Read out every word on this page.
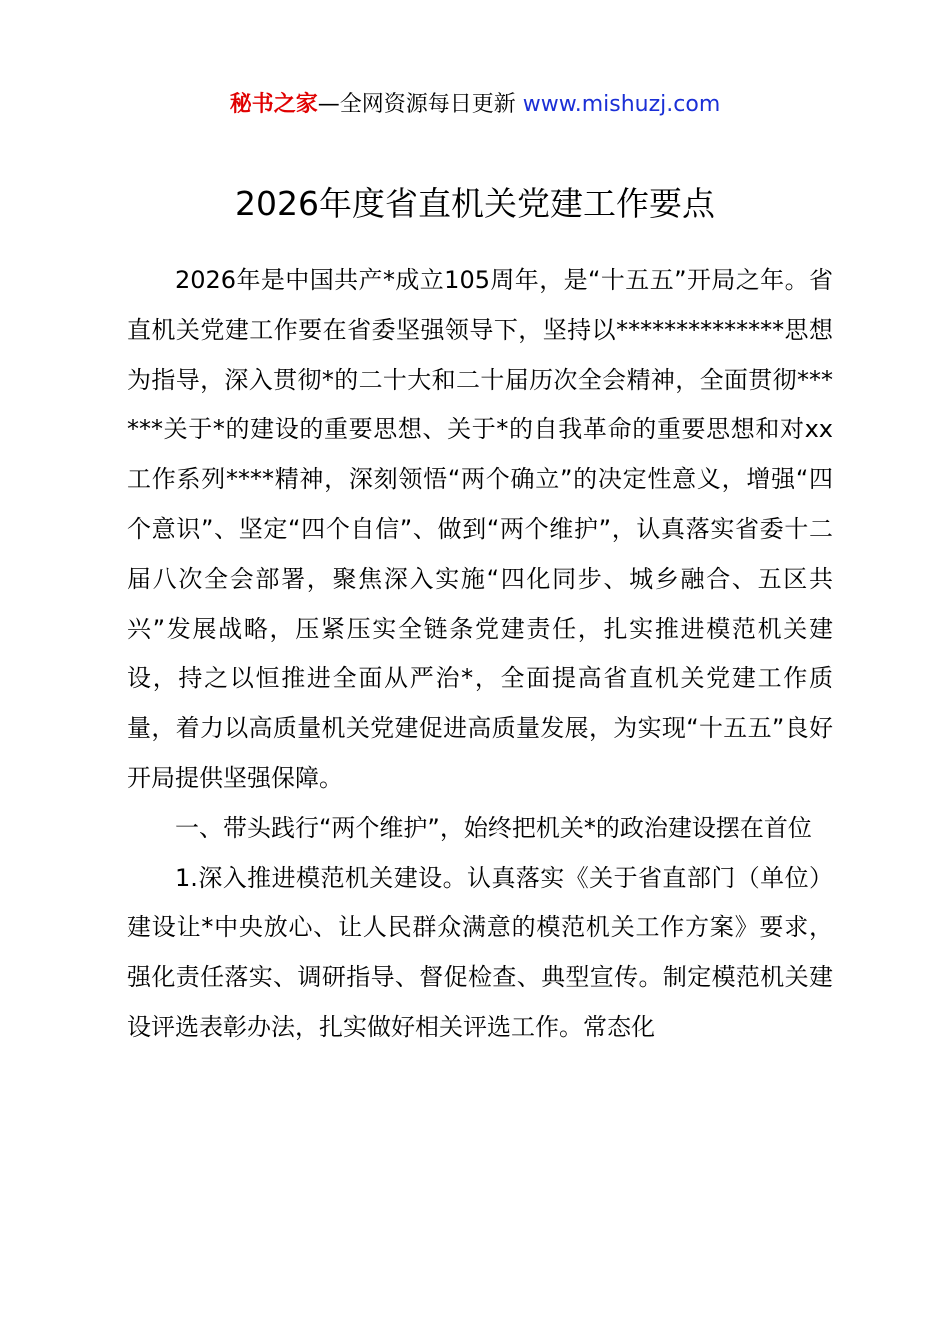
秘书之家—全网资源每日更新 www.mishuzj.com
2026年度省直机关党建工作要点

2026年是中国共产*成立105周年，是“十五五”开局之年。省直机关党建工作要在省委坚强领导下，坚持以**************思想为指导，深入贯彻*的二十大和二十届历次全会精神，全面贯彻******关于*的建设的重要思想、关于*的自我革命的重要思想和对xx工作系列****精神，深刻领悟“两个确立”的决定性意义，增强“四个意识”、坚定“四个自信”、做到“两个维护”，认真落实省委十二届八次全会部署，聚焦深入实施“四化同步、城乡融合、五区共兴”发展战略，压紧压实全链条党建责任，扎实推进模范机关建设，持之以恒推进全面从严治*，全面提高省直机关党建工作质量，着力以高质量机关党建促进高质量发展，为实现“十五五”良好开局提供坚强保障。

一、带头践行“两个维护”，始终把机关*的政治建设摆在首位

1.深入推进模范机关建设。认真落实《关于省直部门（单位）建设让*中央放心、让人民群众满意的模范机关工作方案》要求，强化责任落实、调研指导、督促检查、典型宣传。制定模范机关建设评选表彰办法，扎实做好相关评选工作。常态化
